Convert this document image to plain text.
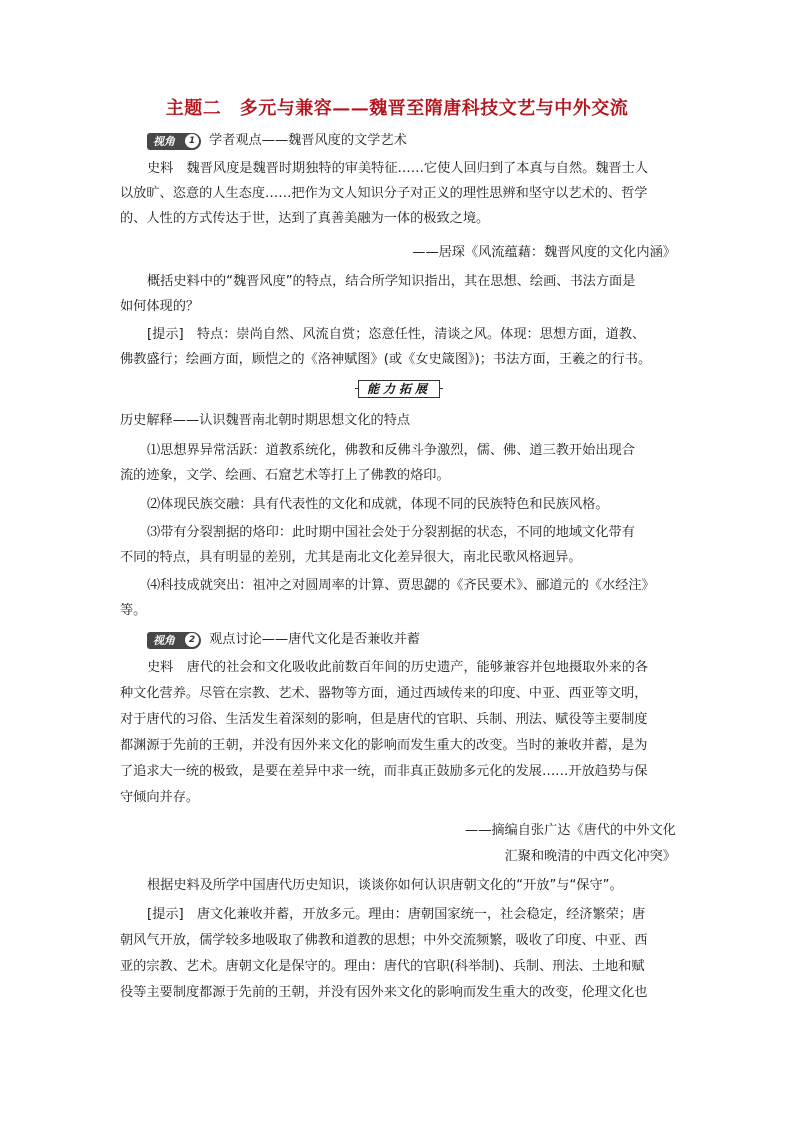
主题二　多元与兼容——魏晋至隋唐科技文艺与中外交流
视角	1 学者观点——魏晋风度的文学艺术
史料　魏晋风度是魏晋时期独特的审美特征……它使人回归到了本真与自然。魏晋士人
以放旷、恣意的人生态度……把作为文人知识分子对正义的理性思辨和坚守以艺术的、哲学
的、人性的方式传达于世，达到了真善美融为一体的极致之境。
——居琛《风流蕴藉：魏晋风度的文化内涵》
概括史料中的“魏晋风度”的特点，结合所学知识指出，其在思想、绘画、书法方面是
如何体现的？
[提示]　特点：崇尚自然、风流自赏；恣意任性，清谈之风。体现：思想方面，道教、
佛教盛行；绘画方面，顾恺之的《洛神赋图》(或《女史箴图》)；书法方面，王羲之的行书。
能力拓展
历史解释——认识魏晋南北朝时期思想文化的特点
⑴思想界异常活跃：道教系统化，佛教和反佛斗争激烈，儒、佛、道三教开始出现合
流的迹象，文学、绘画、石窟艺术等打上了佛教的烙印。
⑵体现民族交融：具有代表性的文化和成就，体现不同的民族特色和民族风格。
⑶带有分裂割据的烙印：此时期中国社会处于分裂割据的状态，不同的地域文化带有
不同的特点，具有明显的差别，尤其是南北文化差异很大，南北民歌风格迥异。
⑷科技成就突出：祖冲之对圆周率的计算、贾思勰的《齐民要术》、郦道元的《水经注》
等。
视角	2 观点讨论——唐代文化是否兼收并蓄
史料　唐代的社会和文化吸收此前数百年间的历史遗产，能够兼容并包地摄取外来的各
种文化营养。尽管在宗教、艺术、器物等方面，通过西域传来的印度、中亚、西亚等文明，
对于唐代的习俗、生活发生着深刻的影响，但是唐代的官职、兵制、刑法、赋役等主要制度
都渊源于先前的王朝，并没有因外来文化的影响而发生重大的改变。当时的兼收并蓄，是为
了追求大一统的极致，是要在差异中求一统，而非真正鼓励多元化的发展……开放趋势与保
守倾向并存。
——摘编自张广达《唐代的中外文化
汇聚和晚清的中西文化冲突》
根据史料及所学中国唐代历史知识，谈谈你如何认识唐朝文化的“开放”与“保守”。
[提示]　唐文化兼收并蓄，开放多元。理由：唐朝国家统一，社会稳定，经济繁荣；唐
朝风气开放，儒学较多地吸取了佛教和道教的思想；中外交流频繁，吸收了印度、中亚、西
亚的宗教、艺术。唐朝文化是保守的。理由：唐代的官职(科举制)、兵制、刑法、土地和赋
役等主要制度都源于先前的王朝，并没有因外来文化的影响而发生重大的改变，伦理文化也
